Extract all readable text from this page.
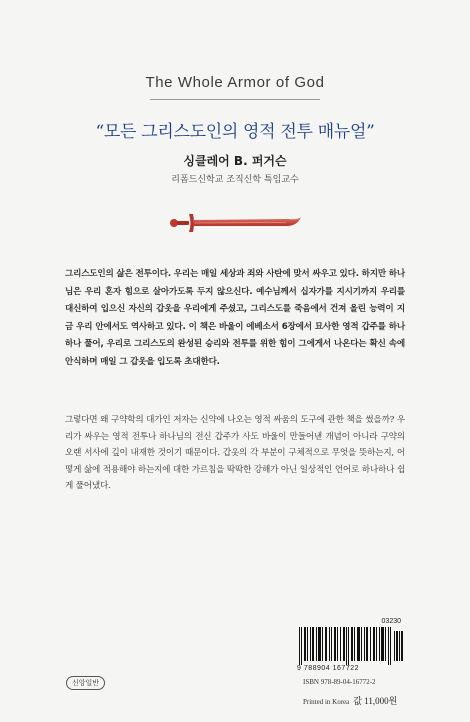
The Whole Armor of God
“모든 그리스도인의 영적 전투 매뉴얼”
싱클레어 B. 퍼거슨
리폼드신학교 조직신학 특임교수
그리스도인의 삶은 전투이다. 우리는 매일 세상과 죄와 사탄에 맞서 싸우고 있다. 하지만 하나님은 우리 혼자 힘으로 살아가도록 두지 않으신다. 예수님께서 십자가를 지시기까지 우리를 대신하여 입으신 자신의 갑옷을 우리에게 주셨고, 그리스도를 죽음에서 건져 올린 능력이 지금 우리 안에서도 역사하고 있다. 이 책은 바울이 에베소서 6장에서 묘사한 영적 갑주를 하나하나 풀어, 우리로 그리스도의 완성된 승리와 전투를 위한 힘이 그에게서 나온다는 확신 속에 안식하며 매일 그 갑옷을 입도록 초대한다.
그렇다면 왜 구약학의 대가인 저자는 신약에 나오는 영적 싸움의 도구에 관한 책을 썼을까? 우리가 싸우는 영적 전투나 하나님의 전신 갑주가 사도 바울이 만들어낸 개념이 아니라 구약의 오랜 서사에 깊이 내재한 것이기 때문이다. 갑옷의 각 부분이 구체적으로 무엇을 뜻하는지, 어떻게 삶에 적용해야 하는지에 대한 가르침을 딱딱한 강해가 아닌 일상적인 언어로 하나하나 쉽게 풀어냈다.
03230
9 788904 167722
ISBN 978-89-04-16772-2
Printed in Korea 값 11,000원
신앙일반
